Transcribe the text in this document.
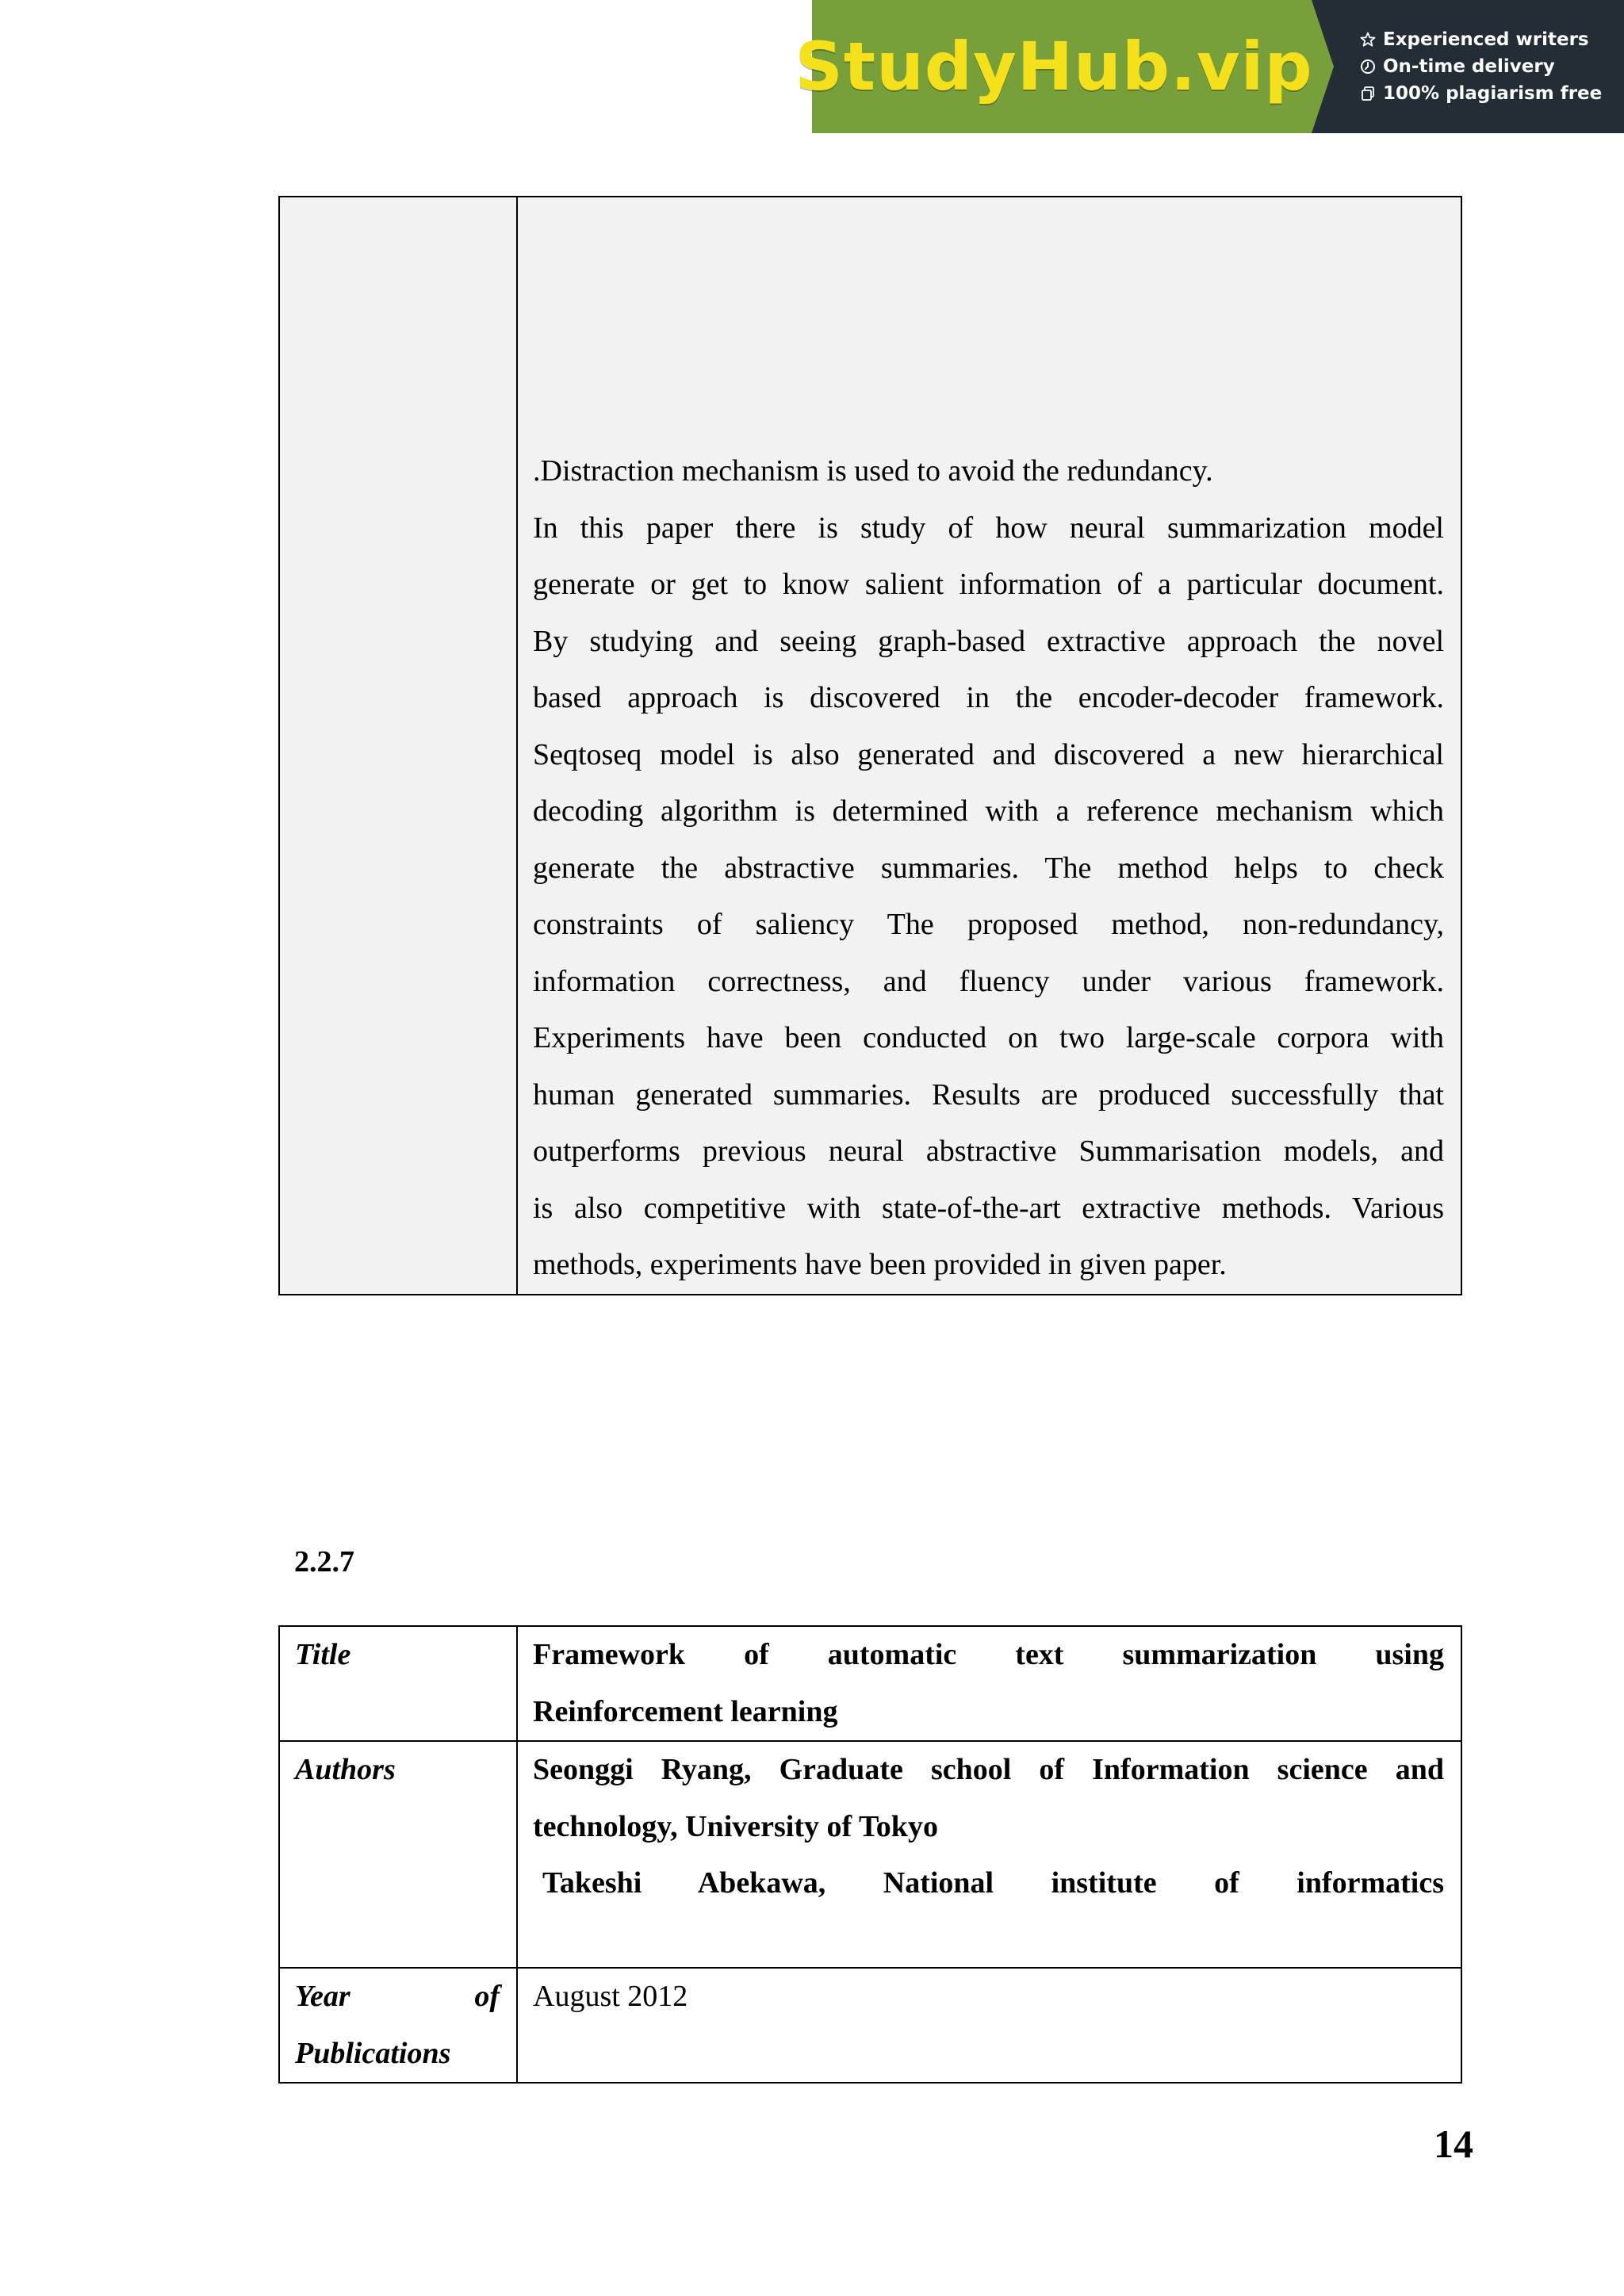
StudyHub.vip	Experienced writers
On-time delivery
100% plagiarism free

.Distraction mechanism is used to avoid the redundancy.
In this paper there is study of how neural summarization model
generate or get to know salient information of a particular document.
By studying and seeing graph-based extractive approach the novel
based approach is discovered in the encoder-decoder framework.
Seqtoseq model is also generated and discovered a new hierarchical
decoding algorithm is determined with a reference mechanism which
generate the abstractive summaries. The method helps to check
constraints of saliency The proposed method, non-redundancy,
information correctness, and fluency under various framework.
Experiments have been conducted on two large-scale corpora with
human generated summaries. Results are produced successfully that
outperforms previous neural abstractive Summarisation models, and
is also competitive with state-of-the-art extractive methods. Various
methods, experiments have been provided in given paper.

2.2.7

Title	Framework of automatic text summarization using
Reinforcement learning

Authors	Seonggi Ryang, Graduate school of Information science and
technology, University of Tokyo
Takeshi Abekawa, National institute of informatics

Year of
Publications	August 2012

14
